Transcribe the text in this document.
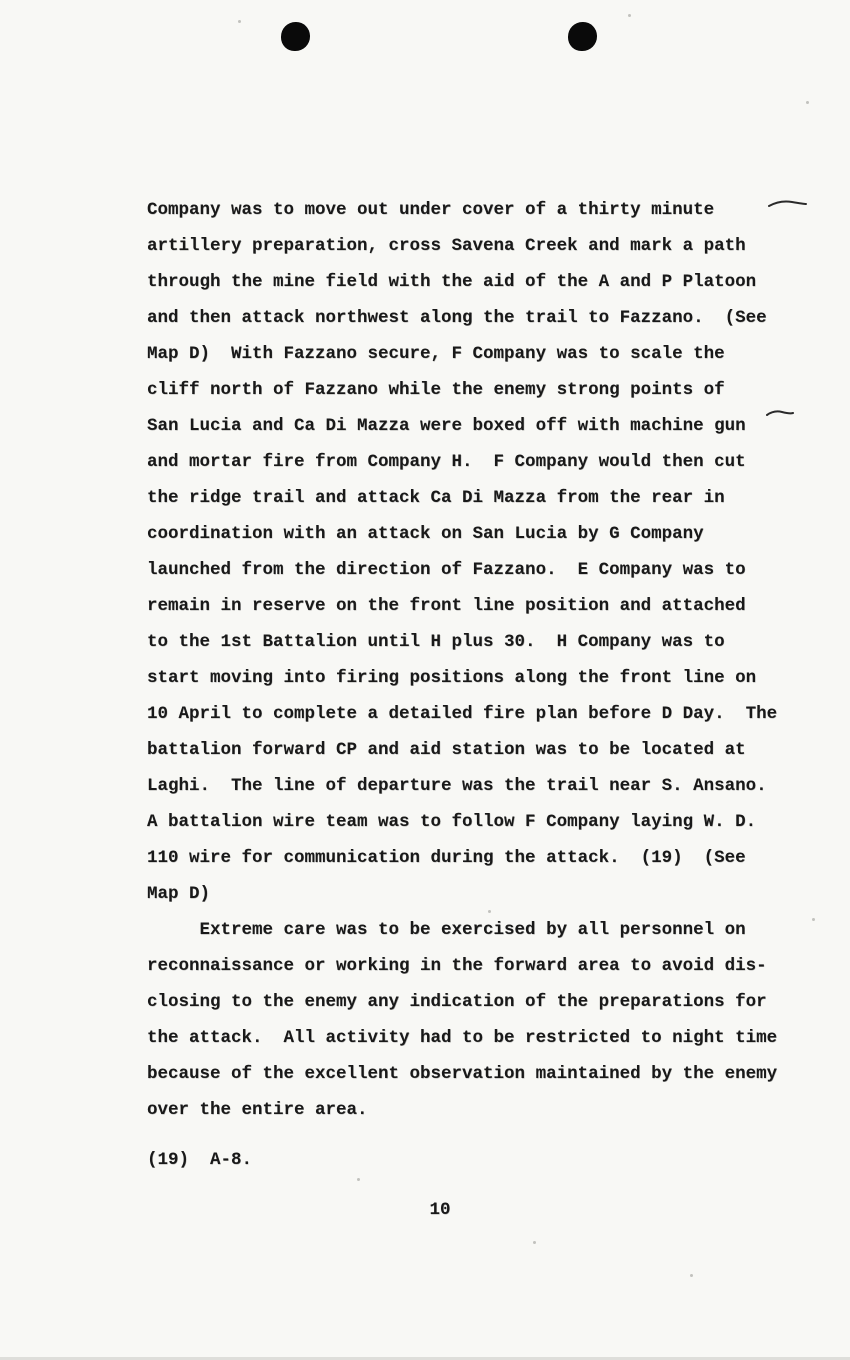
Company was to move out under cover of a thirty minute
artillery preparation, cross Savena Creek and mark a path
through the mine field with the aid of the A and P Platoon
and then attack northwest along the trail to Fazzano.  (See
Map D)  With Fazzano secure, F Company was to scale the
cliff north of Fazzano while the enemy strong points of
San Lucia and Ca Di Mazza were boxed off with machine gun
and mortar fire from Company H.  F Company would then cut
the ridge trail and attack Ca Di Mazza from the rear in
coordination with an attack on San Lucia by G Company
launched from the direction of Fazzano.  E Company was to
remain in reserve on the front line position and attached
to the 1st Battalion until H plus 30.  H Company was to
start moving into firing positions along the front line on
10 April to complete a detailed fire plan before D Day.  The
battalion forward CP and aid station was to be located at
Laghi.  The line of departure was the trail near S. Ansano.
A battalion wire team was to follow F Company laying W. D.
110 wire for communication during the attack.  (19)  (See
Map D)
Extreme care was to be exercised by all personnel on
reconnaissance or working in the forward area to avoid dis-
closing to the enemy any indication of the preparations for
the attack.  All activity had to be restricted to night time
because of the excellent observation maintained by the enemy
over the entire area.
(19)  A-8.
10
